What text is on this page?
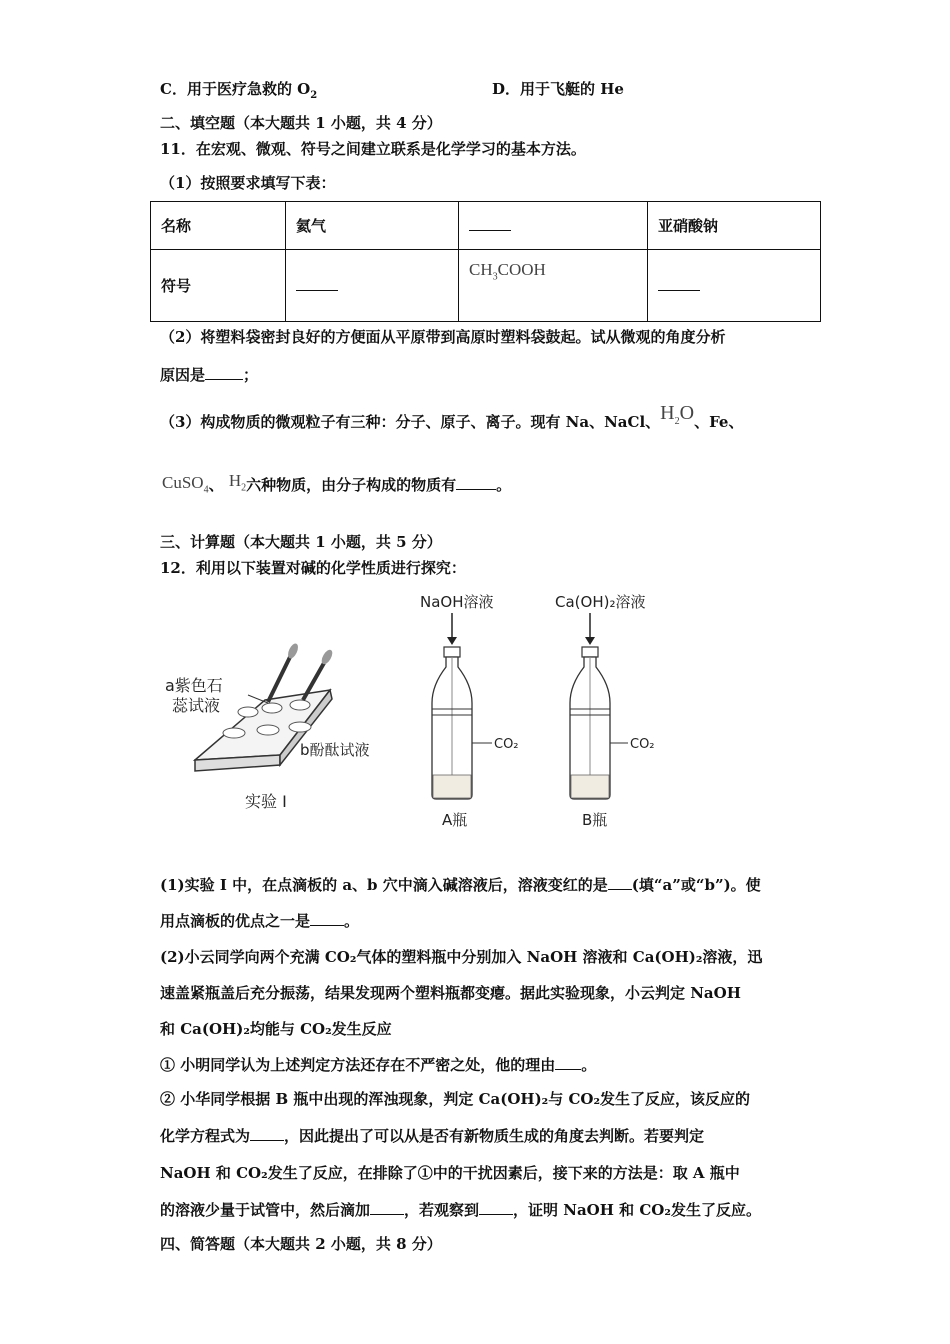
C．用于医疗急救的 $O_2$	D．用于飞艇的 He
二、填空题（本大题共 1 小题，共 4 分）
11．在宏观、微观、符号之间建立联系是化学学习的基本方法。
（1）按照要求填写下表：
名称	氦气		亚硝酸钠
符号		$CH_3COOH$	
（2）将塑料袋密封良好的方便面从平原带到高原时塑料袋鼓起。试从微观的角度分析
原因是	；
（3）构成物质的微观粒子有三种：分子、原子、离子。现有 Na、NaCl、$H_2O$、Fe、
CuSO$_4$、 $H_2$六种物质，由分子构成的物质有	。
三、计算题（本大题共 1 小题，共 5 分）
12．利用以下装置对碱的化学性质进行探究：
a紫色石
蕊试液
b酚酞试液
实验 I
NaOH溶液
CO₂
A瓶
Ca(OH)₂溶液
CO₂
B瓶
(1)实验 I 中，在点滴板的 a、b 穴中滴入碱溶液后，溶液变红的是 (填“a”或“b”)。使
用点滴板的优点之一是 。
(2)小云同学向两个充满 CO₂气体的塑料瓶中分别加入 NaOH 溶液和 Ca(OH)₂溶液，迅
速盖紧瓶盖后充分振荡，结果发现两个塑料瓶都变瘪。据此实验现象，小云判定 NaOH
和 Ca(OH)₂均能与 CO₂发生反应
① 小明同学认为上述判定方法还存在不严密之处，他的理由 。
② 小华同学根据 B 瓶中出现的浑浊现象，判定 Ca(OH)₂与 CO₂发生了反应，该反应的
化学方程式为 ，因此提出了可以从是否有新物质生成的角度去判断。若要判定
NaOH 和 CO₂发生了反应，在排除了①中的干扰因素后，接下来的方法是：取 A 瓶中
的溶液少量于试管中，然后滴加 ，若观察到 ，证明 NaOH 和 CO₂发生了反应。
四、简答题（本大题共 2 小题，共 8 分）
